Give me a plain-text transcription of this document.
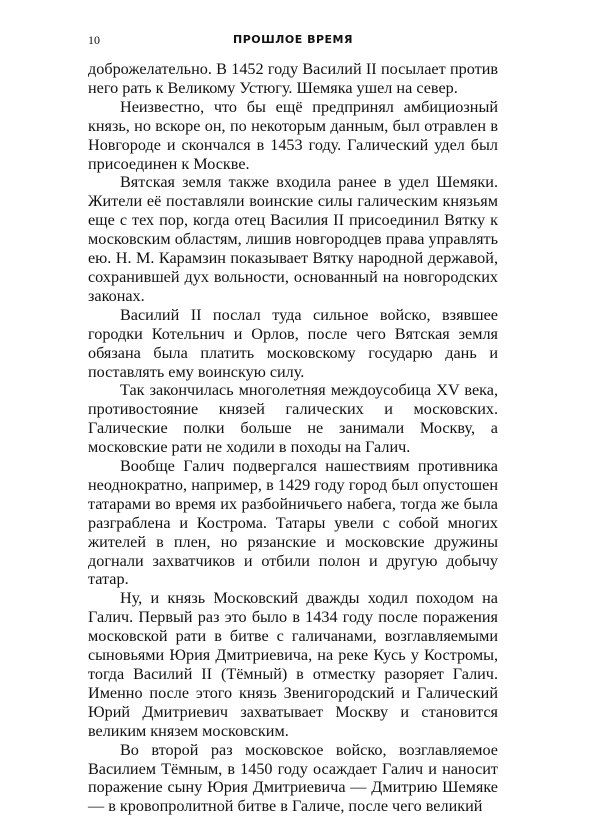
10	ПРОШЛОЕ ВРЕМЯ

доброжелательно. В 1452 году Василий II посылает против него рать к Великому Устюгу. Шемяка ушел на север.

Неизвестно, что бы ещё предпринял амбициозный князь, но вскоре он, по некоторым данным, был отравлен в Новгороде и скончался в 1453 году. Галический удел был присоединен к Москве.

Вятская земля также входила ранее в удел Шемяки. Жители её поставляли воинские силы галическим князьям еще с тех пор, когда отец Василия II присоединил Вятку к московским областям, лишив новгородцев права управлять ею. Н. М. Карамзин показывает Вятку народной державой, сохранившей дух вольности, основанный на новгородских законах.

Василий II послал туда сильное войско, взявшее городки Котельнич и Орлов, после чего Вятская земля обязана была платить московскому государю дань и поставлять ему воинскую силу.

Так закончилась многолетняя междоусобица XV века, противостояние князей галических и московских. Галические полки больше не занимали Москву, а московские рати не ходили в походы на Галич.

Вообще Галич подвергался нашествиям противника неоднократно, например, в 1429 году город был опустошен татарами во время их разбойничьего набега, тогда же была разграблена и Кострома. Татары увели с собой многих жителей в плен, но рязанские и московские дружины догнали захватчиков и отбили полон и другую добычу татар.

Ну, и князь Московский дважды ходил походом на Галич. Первый раз это было в 1434 году после поражения московской рати в битве с галичанами, возглавляемыми сыновьями Юрия Дмитриевича, на реке Кусь у Костромы, тогда Василий II (Тёмный) в отместку разоряет Галич. Именно после этого князь Звенигородский и Галический Юрий Дмитриевич захватывает Москву и становится великим князем московским.

Во второй раз московское войско, возглавляемое Василием Тёмным, в 1450 году осаждает Галич и наносит поражение сыну Юрия Дмитриевича — Дмитрию Шемяке — в кровопролитной битве в Галиче, после чего великий
